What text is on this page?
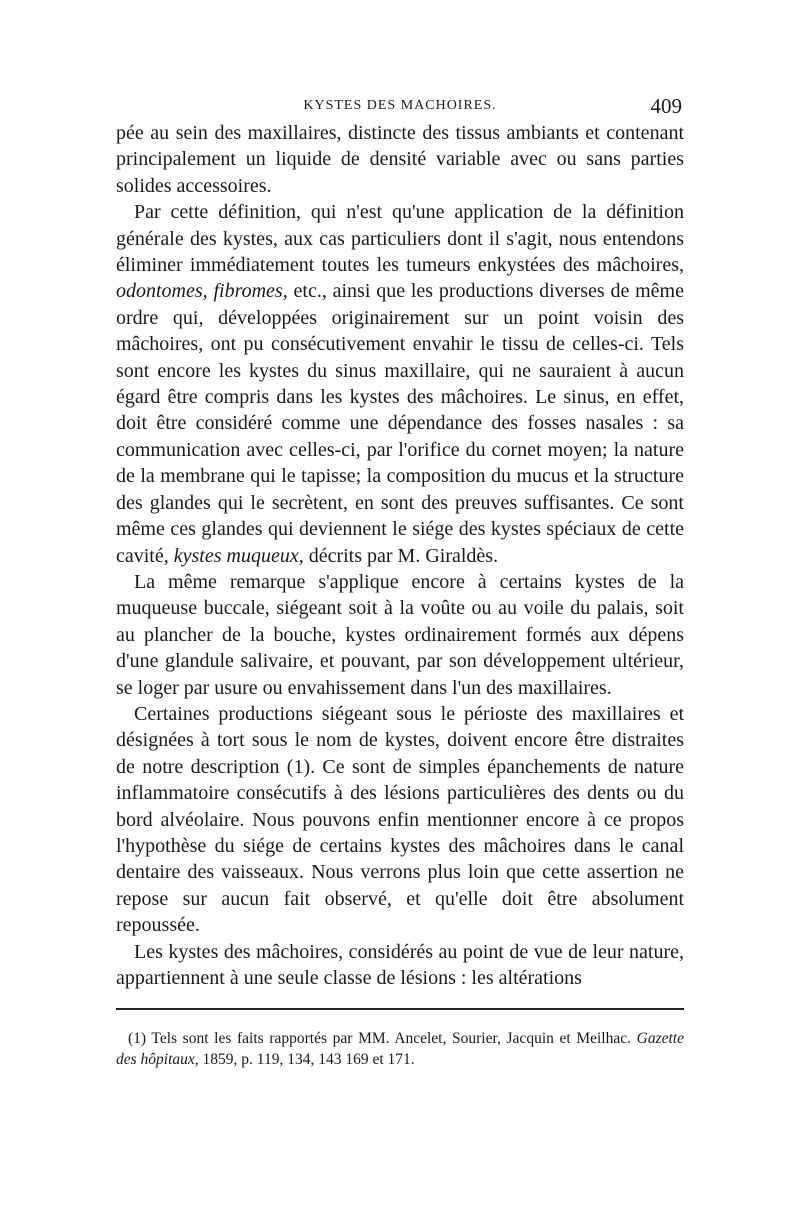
KYSTES DES MACHOIRES.	409

pée au sein des maxillaires, distincte des tissus ambiants et contenant principalement un liquide de densité variable avec ou sans parties solides accessoires.

Par cette définition, qui n'est qu'une application de la définition générale des kystes, aux cas particuliers dont il s'agit, nous entendons éliminer immédiatement toutes les tumeurs enkystées des mâchoires, odontomes, fibromes, etc., ainsi que les productions diverses de même ordre qui, développées originairement sur un point voisin des mâchoires, ont pu consécutivement envahir le tissu de celles-ci. Tels sont encore les kystes du sinus maxillaire, qui ne sauraient à aucun égard être compris dans les kystes des mâchoires. Le sinus, en effet, doit être considéré comme une dépendance des fosses nasales : sa communication avec celles-ci, par l'orifice du cornet moyen; la nature de la membrane qui le tapisse; la composition du mucus et la structure des glandes qui le secrètent, en sont des preuves suffisantes. Ce sont même ces glandes qui deviennent le siége des kystes spéciaux de cette cavité, kystes muqueux, décrits par M. Giraldès.

La même remarque s'applique encore à certains kystes de la muqueuse buccale, siégeant soit à la voûte ou au voile du palais, soit au plancher de la bouche, kystes ordinairement formés aux dépens d'une glandule salivaire, et pouvant, par son développement ultérieur, se loger par usure ou envahissement dans l'un des maxillaires.

Certaines productions siégeant sous le périoste des maxillaires et désignées à tort sous le nom de kystes, doivent encore être distraites de notre description (1). Ce sont de simples épanchements de nature inflammatoire consécutifs à des lésions particulières des dents ou du bord alvéolaire. Nous pouvons enfin mentionner encore à ce propos l'hypothèse du siége de certains kystes des mâchoires dans le canal dentaire des vaisseaux. Nous verrons plus loin que cette assertion ne repose sur aucun fait observé, et qu'elle doit être absolument repoussée.

Les kystes des mâchoires, considérés au point de vue de leur nature, appartiennent à une seule classe de lésions : les altérations

(1) Tels sont les faits rapportés par MM. Ancelet, Sourier, Jacquin et Meilhac. Gazette des hôpitaux, 1859, p. 119, 134, 143 169 et 171.
